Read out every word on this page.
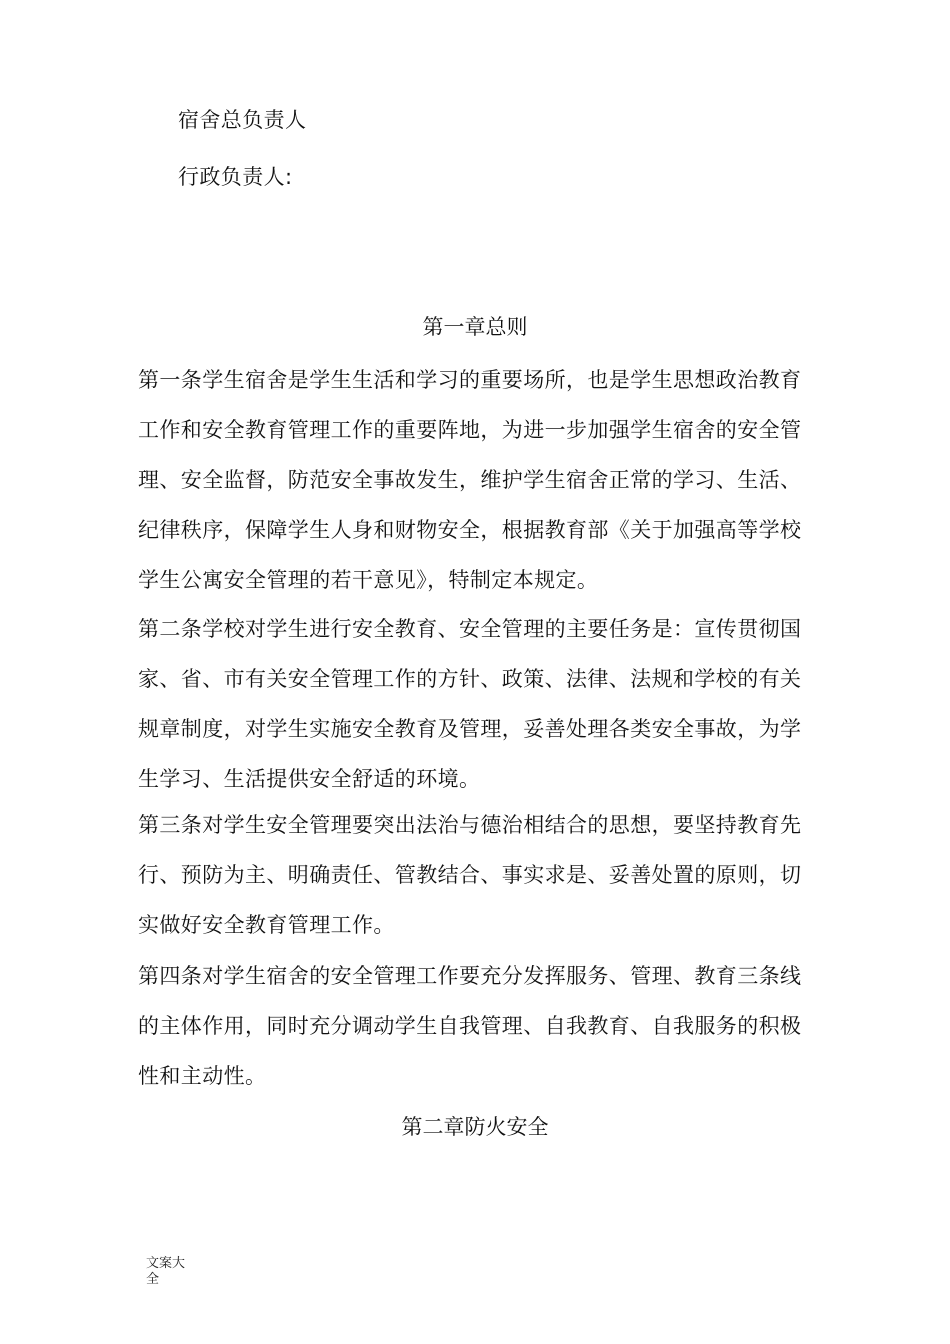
宿舍总负责人
行政负责人:
第一章总则
第一条学生宿舍是学生生活和学习的重要场所，也是学生思想政治教育
工作和安全教育管理工作的重要阵地，为进一步加强学生宿舍的安全管
理、安全监督，防范安全事故发生，维护学生宿舍正常的学习、生活、
纪律秩序，保障学生人身和财物安全，根据教育部《关于加强高等学校
学生公寓安全管理的若干意见》，特制定本规定。
第二条学校对学生进行安全教育、安全管理的主要任务是：宣传贯彻国
家、省、市有关安全管理工作的方针、政策、法律、法规和学校的有关
规章制度，对学生实施安全教育及管理，妥善处理各类安全事故，为学
生学习、生活提供安全舒适的环境。
第三条对学生安全管理要突出法治与德治相结合的思想，要坚持教育先
行、预防为主、明确责任、管教结合、事实求是、妥善处置的原则，切
实做好安全教育管理工作。
第四条对学生宿舍的安全管理工作要充分发挥服务、管理、教育三条线
的主体作用，同时充分调动学生自我管理、自我教育、自我服务的积极
性和主动性。
第二章防火安全
文案大
全
